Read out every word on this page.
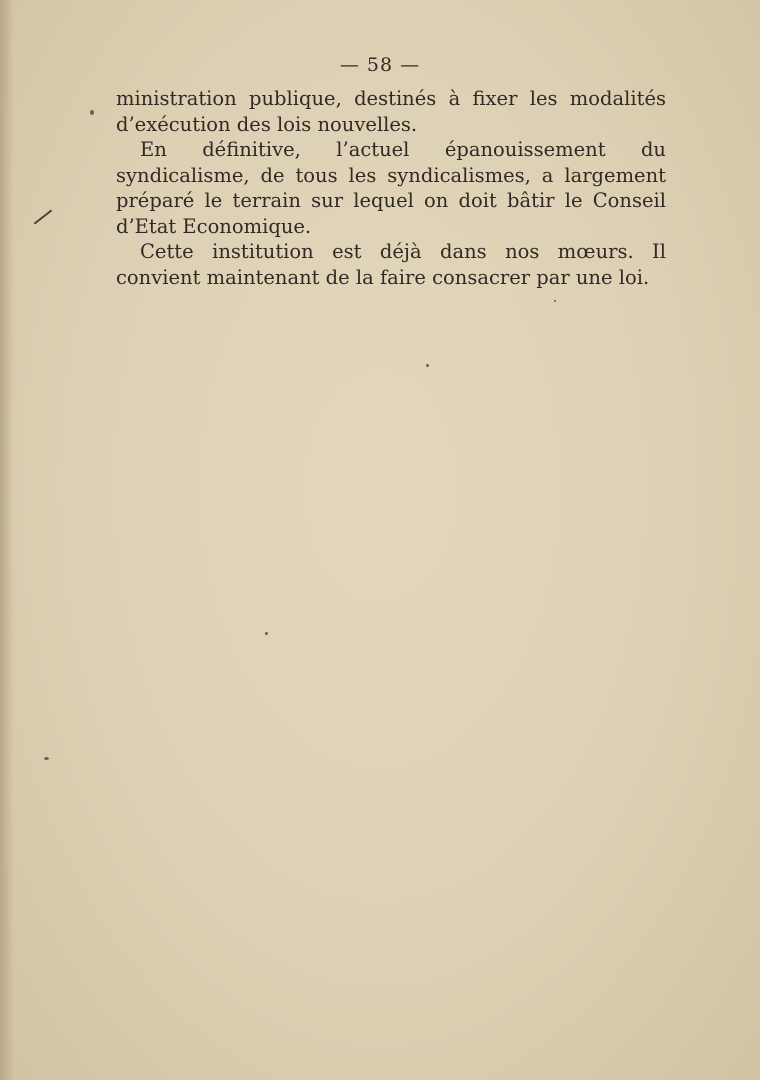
— 58 —

ministration publique, destinés à fixer les modalités d’exécution des lois nouvelles.

En définitive, l’actuel épanouissement du syndicalisme, de tous les syndicalismes, a largement préparé le terrain sur lequel on doit bâtir le Conseil d’Etat Economique.

Cette institution est déjà dans nos mœurs. Il convient maintenant de la faire consacrer par une loi.
